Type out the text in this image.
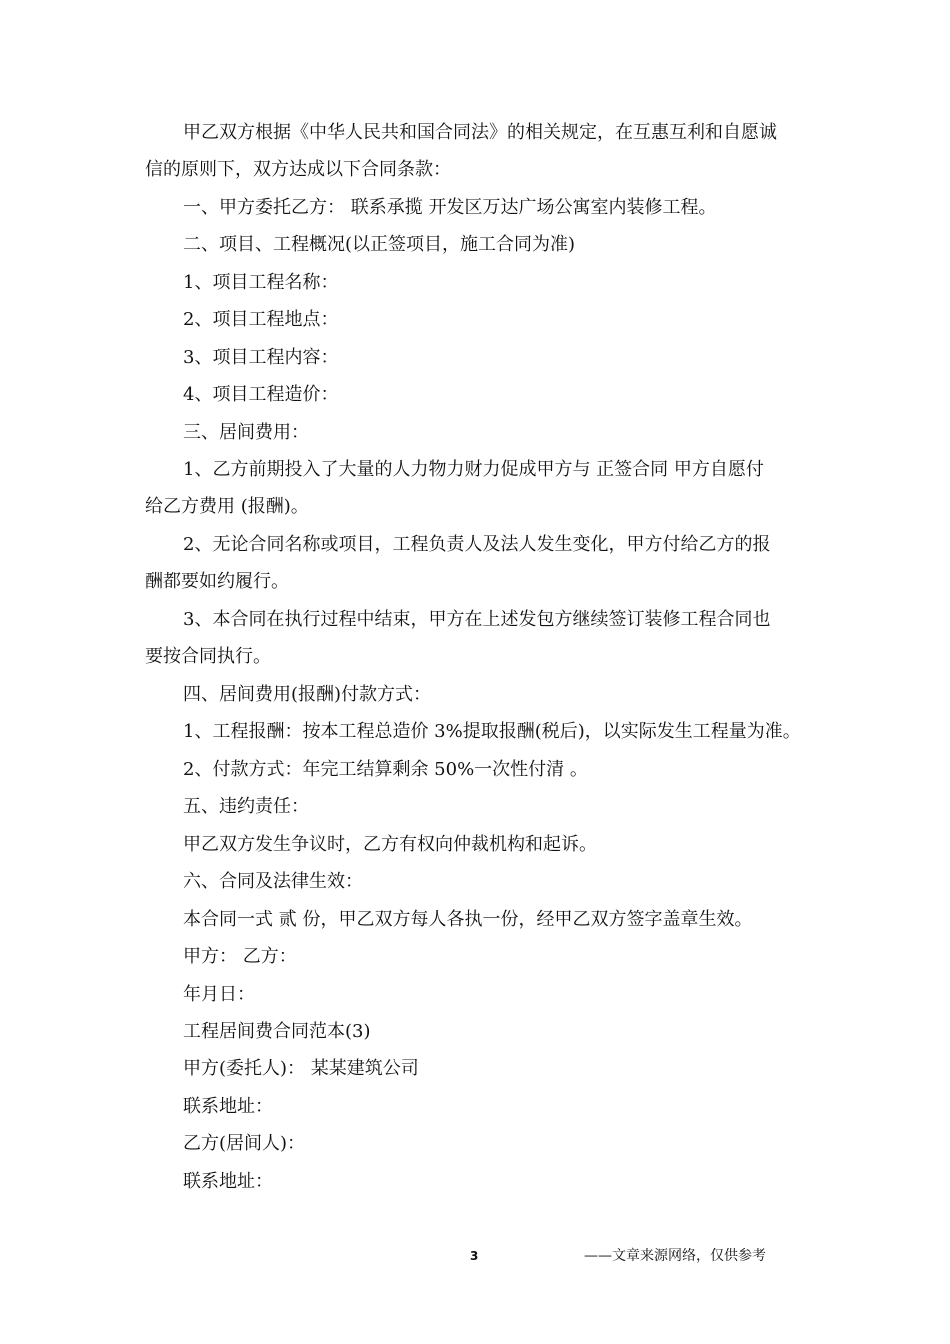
甲乙双方根据《中华人民共和国合同法》的相关规定，在互惠互利和自愿诚
信的原则下，双方达成以下合同条款：
一、甲方委托乙方： 联系承揽 开发区万达广场公寓室内装修工程。
二、项目、工程概况(以正签项目，施工合同为准)
1、项目工程名称：
2、项目工程地点：
3、项目工程内容：
4、项目工程造价：
三、居间费用：
1、乙方前期投入了大量的人力物力财力促成甲方与 正签合同 甲方自愿付
给乙方费用 (报酬)。
2、无论合同名称或项目，工程负责人及法人发生变化，甲方付给乙方的报
酬都要如约履行。
3、本合同在执行过程中结束，甲方在上述发包方继续签订装修工程合同也
要按合同执行。
四、居间费用(报酬)付款方式：
1、工程报酬：按本工程总造价 3%提取报酬(税后)，以实际发生工程量为准。
2、付款方式：年完工结算剩余 50%一次性付清 。
五、违约责任：
甲乙双方发生争议时，乙方有权向仲裁机构和起诉。
六、合同及法律生效：
本合同一式 贰 份，甲乙双方每人各执一份，经甲乙双方签字盖章生效。
甲方： 乙方：
年月日：
工程居间费合同范本(3)
甲方(委托人)： 某某建筑公司
联系地址：
乙方(居间人)：
联系地址：
3	——文章来源网络，仅供参考
